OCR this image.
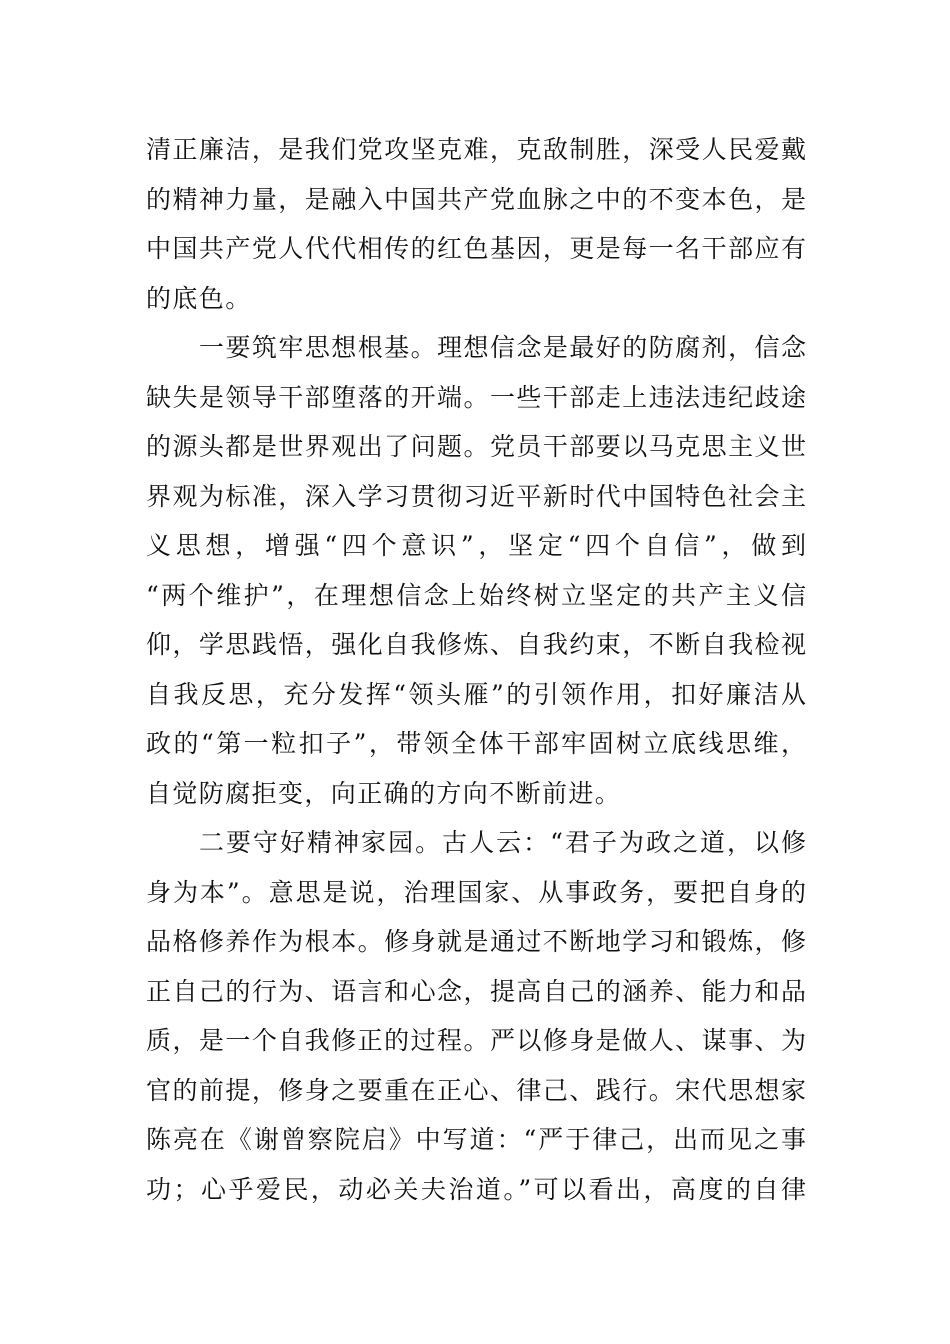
清正廉洁，是我们党攻坚克难，克敌制胜，深受人民爱戴
的精神力量，是融入中国共产党血脉之中的不变本色，是
中国共产党人代代相传的红色基因，更是每一名干部应有
的底色。
一要筑牢思想根基。理想信念是最好的防腐剂，信念
缺失是领导干部堕落的开端。一些干部走上违法违纪歧途
的源头都是世界观出了问题。党员干部要以马克思主义世
界观为标准，深入学习贯彻习近平新时代中国特色社会主
义思想，增强“四个意识”，坚定“四个自信”，做到
“两个维护”，在理想信念上始终树立坚定的共产主义信
仰，学思践悟，强化自我修炼、自我约束，不断自我检视
自我反思，充分发挥“领头雁”的引领作用，扣好廉洁从
政的“第一粒扣子”，带领全体干部牢固树立底线思维，
自觉防腐拒变，向正确的方向不断前进。
二要守好精神家园。古人云：“君子为政之道，以修
身为本”。意思是说，治理国家、从事政务，要把自身的
品格修养作为根本。修身就是通过不断地学习和锻炼，修
正自己的行为、语言和心念，提高自己的涵养、能力和品
质，是一个自我修正的过程。严以修身是做人、谋事、为
官的前提，修身之要重在正心、律己、践行。宋代思想家
陈亮在《谢曾察院启》中写道：“严于律己，出而见之事
功；心乎爱民，动必关夫治道。”可以看出，高度的自律
